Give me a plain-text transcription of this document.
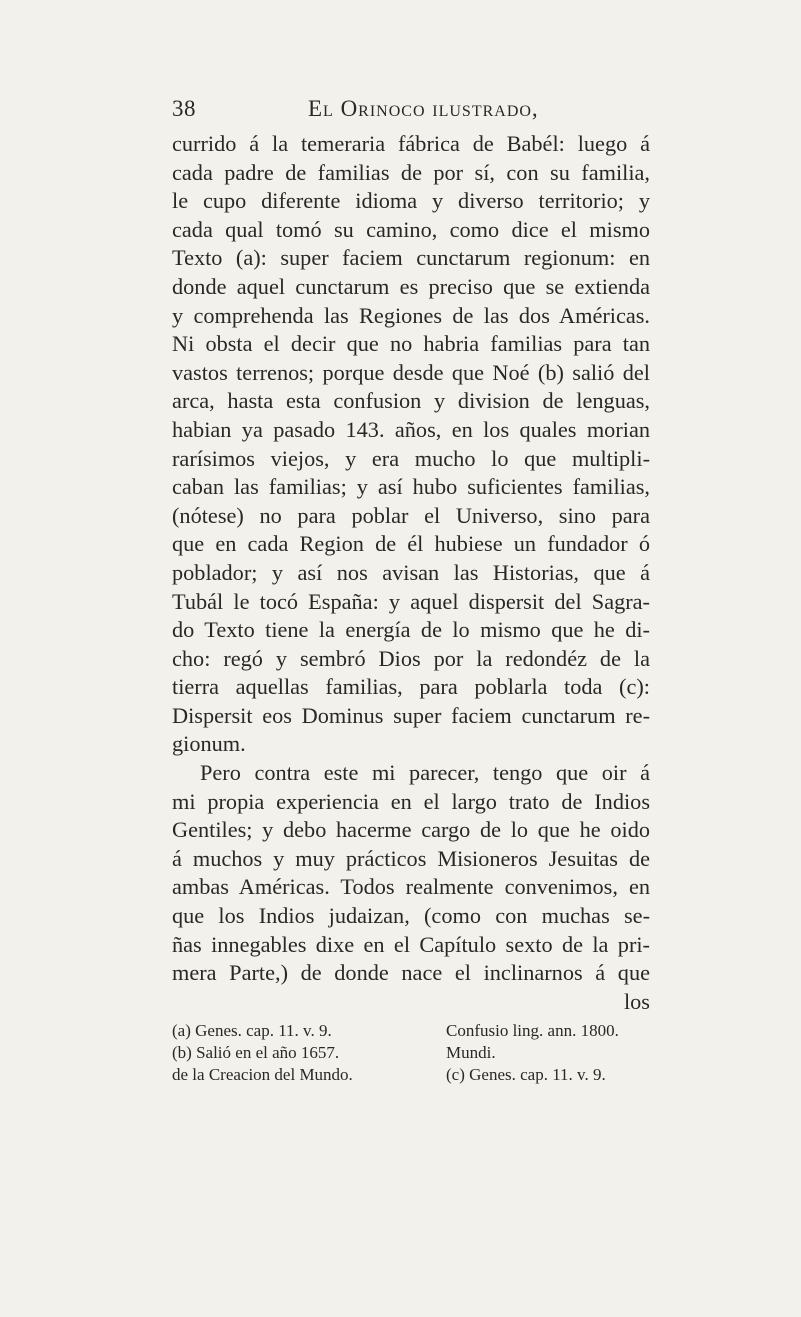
38	El Orinoco ilustrado,
currido á la temeraria fábrica de Babél: luego á
cada padre de familias de por sí, con su familia,
le cupo diferente idioma y diverso territorio; y
cada qual tomó su camino, como dice el mismo
Texto (a): super faciem cunctarum regionum: en
donde aquel cunctarum es preciso que se extienda
y comprehenda las Regiones de las dos Américas.
Ni obsta el decir que no habria familias para tan
vastos terrenos; porque desde que Noé (b) salió del
arca, hasta esta confusion y division de lenguas,
habian ya pasado 143. años, en los quales morian
rarísimos viejos, y era mucho lo que multipli-
caban las familias; y así hubo suficientes familias,
(nótese) no para poblar el Universo, sino para
que en cada Region de él hubiese un fundador ó
poblador; y así nos avisan las Historias, que á
Tubál le tocó España: y aquel dispersit del Sagra-
do Texto tiene la energía de lo mismo que he di-
cho: regó y sembró Dios por la redondéz de la
tierra aquellas familias, para poblarla toda (c):
Dispersit eos Dominus super faciem cunctarum re-
gionum.
Pero contra este mi parecer, tengo que oir á
mi propia experiencia en el largo trato de Indios
Gentiles; y debo hacerme cargo de lo que he oido
á muchos y muy prácticos Misioneros Jesuitas de
ambas Américas. Todos realmente convenimos, en
que los Indios judaizan, (como con muchas se-
ñas innegables dixe en el Capítulo sexto de la pri-
mera Parte,) de donde nace el inclinarnos á que
los
(a) Genes. cap. 11. v. 9.	Confusio ling. ann. 1800.
(b) Salió en el año 1657.	Mundi.
de la Creacion del Mundo.	(c) Genes. cap. 11. v. 9.
